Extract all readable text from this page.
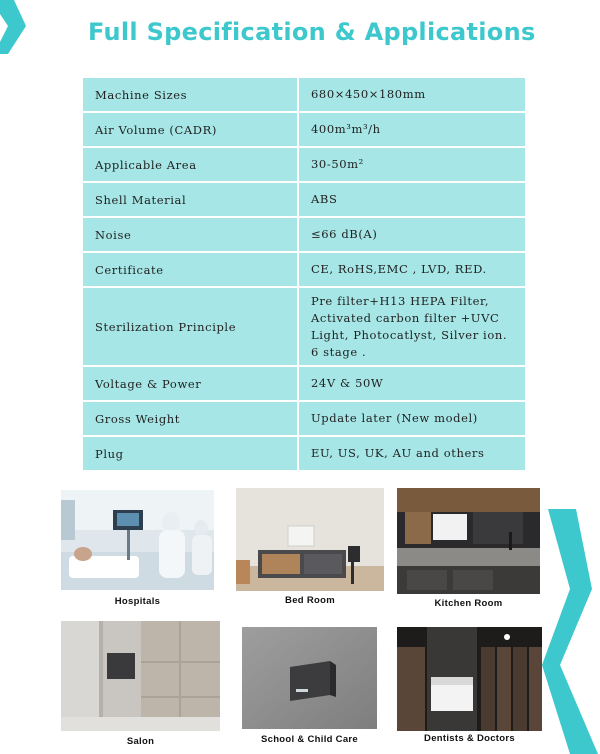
Full Specification & Applications
Machine Sizes	680×450×180mm
Air Volume (CADR)	400m³m³/h
Applicable Area	30-50m²
Shell Material	ABS
Noise	≤66 dB(A)
Certificate	CE, RoHS,EMC , LVD, RED.
Sterilization Principle	Pre filter+H13 HEPA Filter, Activated carbon filter +UVC Light, Photocatlyst, Silver ion. 6 stage .
Voltage & Power	24V & 50W
Gross Weight	Update later (New model)
Plug	EU, US, UK, AU and others
Hospitals	Bed Room	Kitchen Room
Salon	School & Child Care	Dentists & Doctors
